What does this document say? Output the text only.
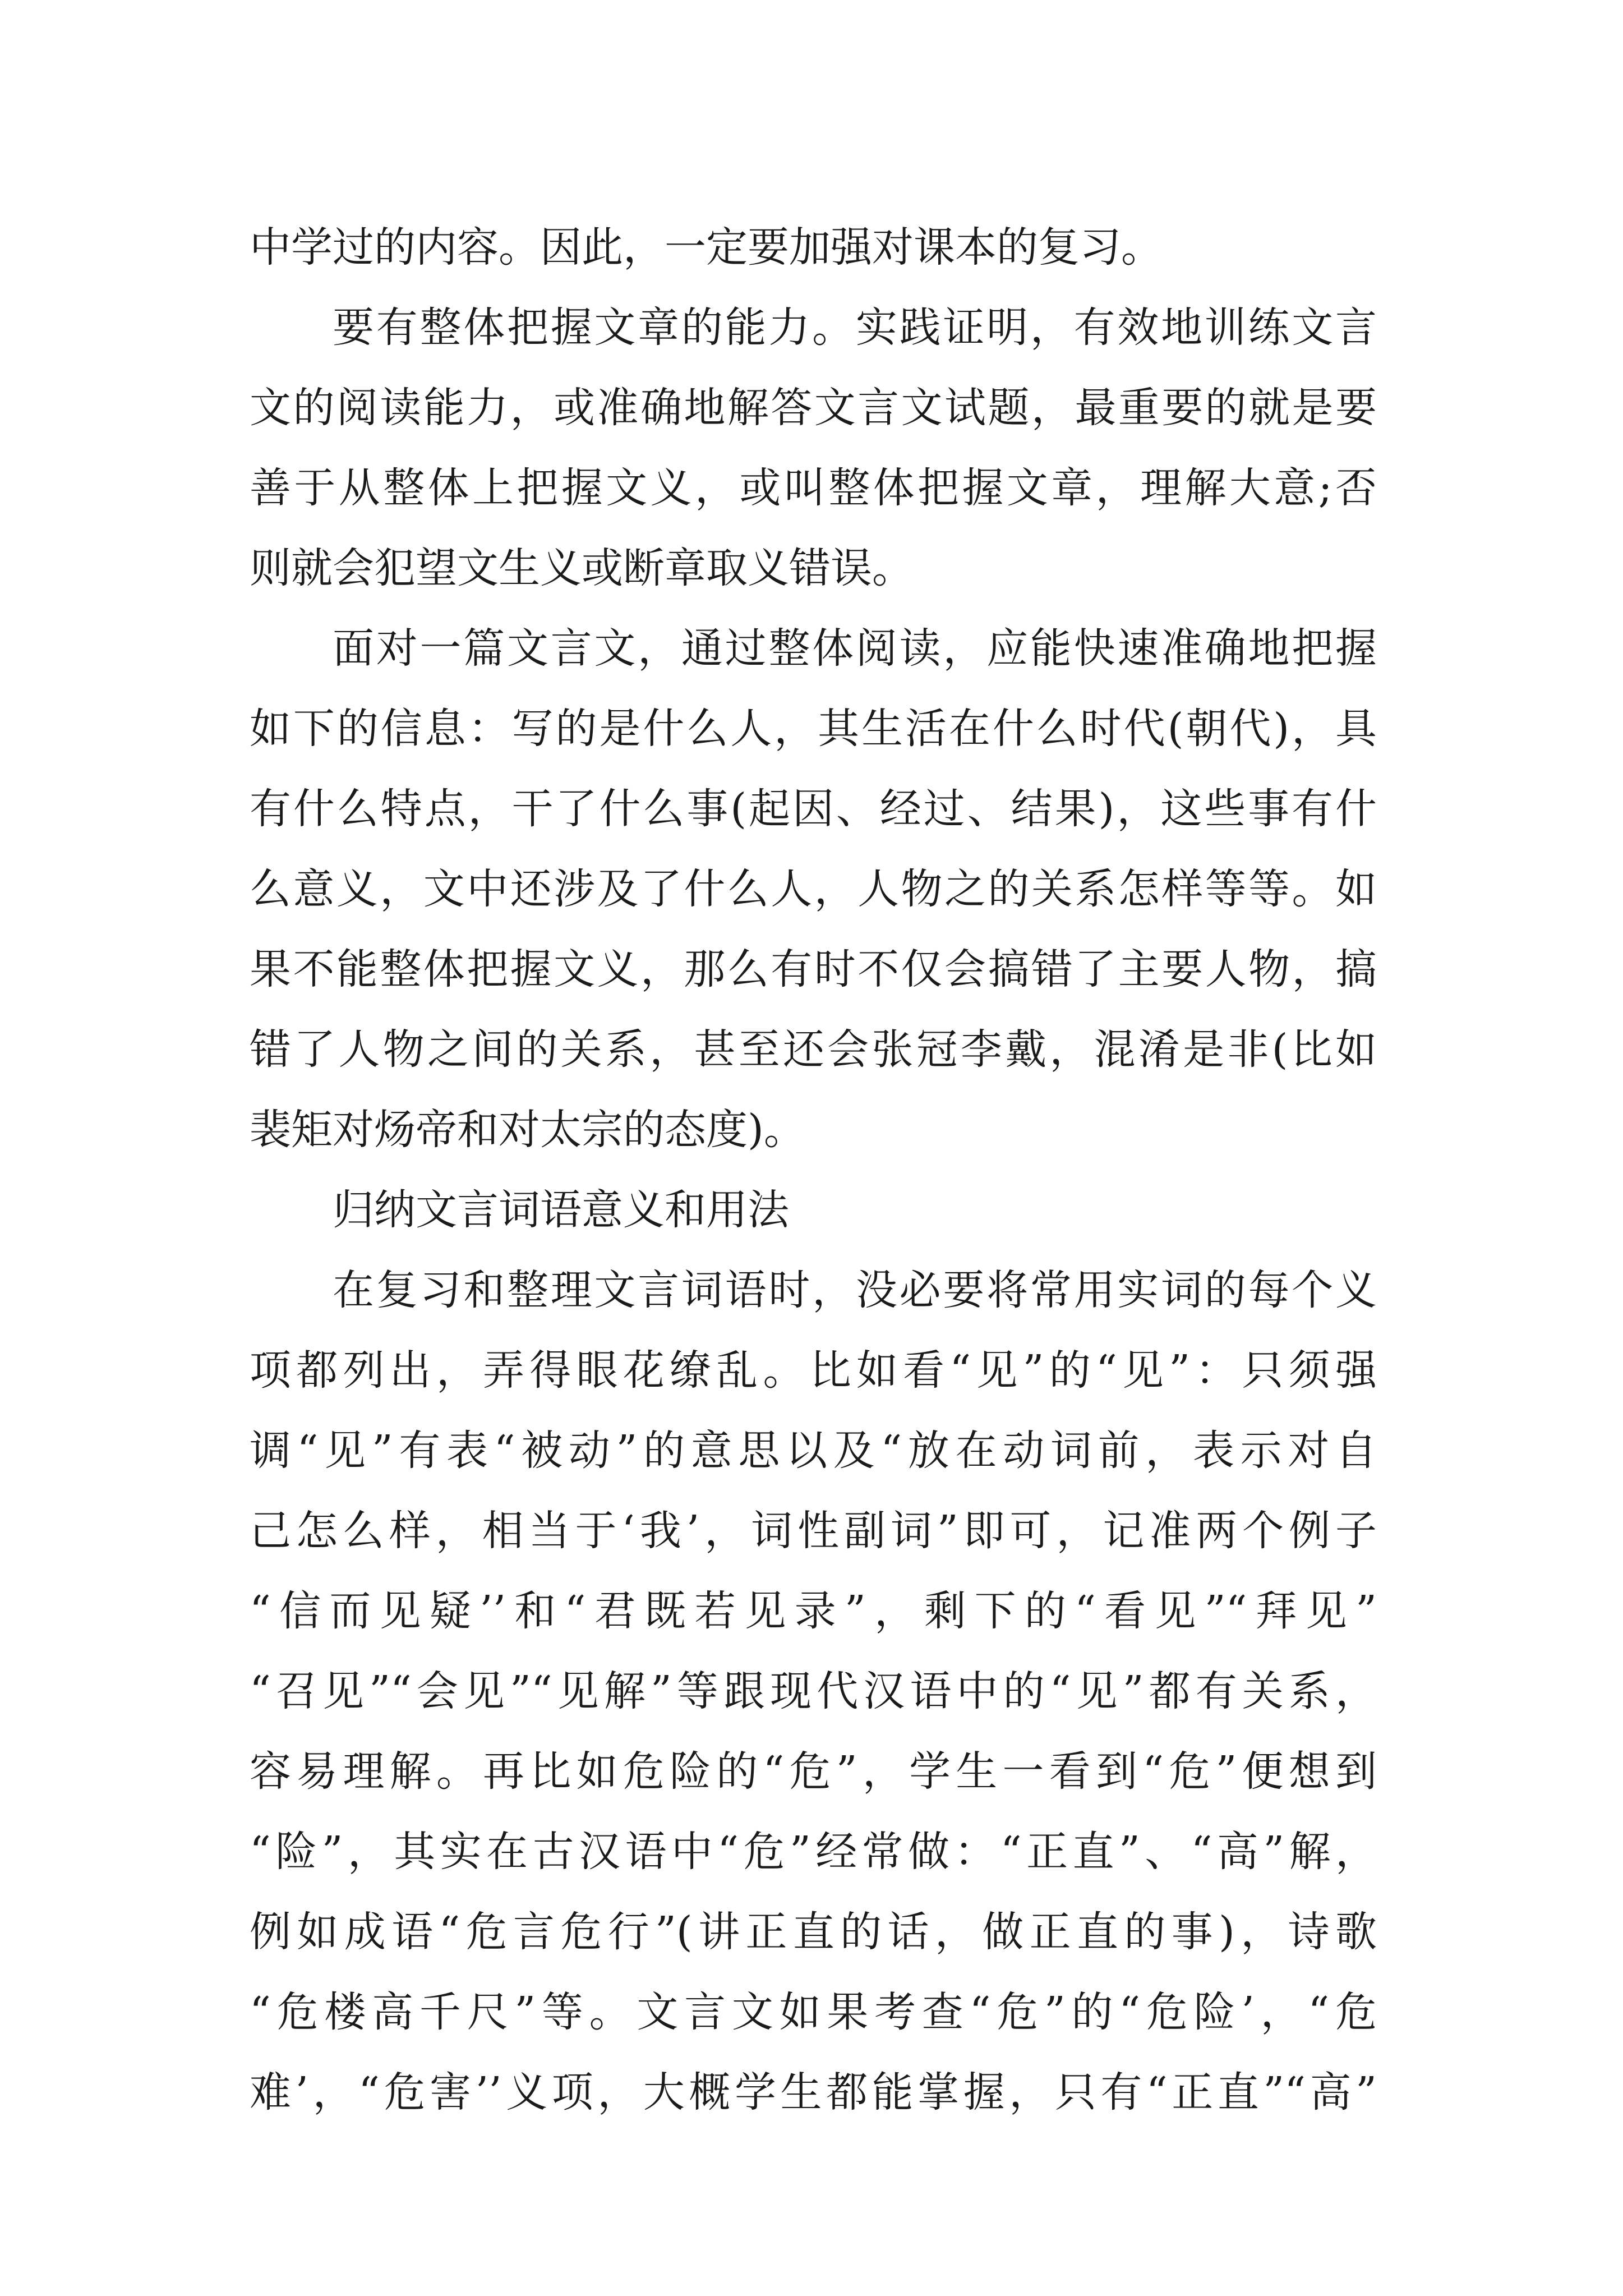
中学过的内容。因此，一定要加强对课本的复习。
要有整体把握文章的能力。实践证明，有效地训练文言
文的阅读能力，或准确地解答文言文试题，最重要的就是要
善于从整体上把握文义，或叫整体把握文章，理解大意;否
则就会犯望文生义或断章取义错误。
面对一篇文言文，通过整体阅读，应能快速准确地把握
如下的信息：写的是什么人，其生活在什么时代(朝代)，具
有什么特点，干了什么事(起因、经过、结果)，这些事有什
么意义，文中还涉及了什么人，人物之的关系怎样等等。如
果不能整体把握文义，那么有时不仅会搞错了主要人物，搞
错了人物之间的关系，甚至还会张冠李戴，混淆是非(比如
裴矩对炀帝和对太宗的态度)。
归纳文言词语意义和用法
在复习和整理文言词语时，没必要将常用实词的每个义
项都列出，弄得眼花缭乱。比如看“见”的“见”：只须强
调“见”有表“被动”的意思以及“放在动词前，表示对自
己怎么样，相当于‘我’，词性副词”即可，记准两个例子
“信而见疑’’和“君既若见录”，剩下的“看见”“拜见”
“召见”“会见”“见解”等跟现代汉语中的“见”都有关系，
容易理解。再比如危险的“危”，学生一看到“危”便想到
“险”，其实在古汉语中“危”经常做：“正直”、“高”解，
例如成语“危言危行”(讲正直的话，做正直的事)，诗歌
“危楼高千尺”等。文言文如果考查“危”的“危险’，“危
难’，“危害’’义项，大概学生都能掌握，只有“正直”“高”
